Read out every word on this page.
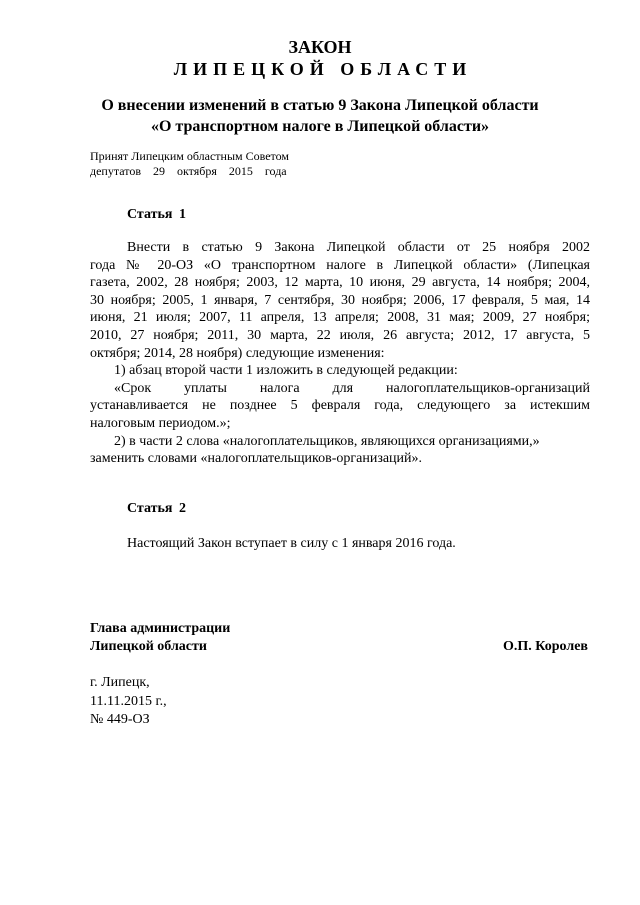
ЗАКОН
ЛИПЕЦКОЙ ОБЛАСТИ
О внесении изменений в статью 9 Закона Липецкой области
«О транспортном налоге в Липецкой области»
Принят Липецким областным Советом
депутатов 29 октября 2015 года
Статья 1
Внести в статью 9 Закона Липецкой области от 25 ноября 2002
года № 20-ОЗ «О транспортном налоге в Липецкой области» (Липецкая
газета, 2002, 28 ноября; 2003, 12 марта, 10 июня, 29 августа, 14 ноября; 2004,
30 ноября; 2005, 1 января, 7 сентября, 30 ноября; 2006, 17 февраля, 5 мая, 14
июня, 21 июля; 2007, 11 апреля, 13 апреля; 2008, 31 мая; 2009, 27 ноября;
2010, 27 ноября; 2011, 30 марта, 22 июля, 26 августа; 2012, 17 августа, 5
октября; 2014, 28 ноября) следующие изменения:
1) абзац второй части 1 изложить в следующей редакции:
«Срок уплаты налога для налогоплательщиков-организаций
устанавливается не позднее 5 февраля года, следующего за истекшим
налоговым периодом.»;
2) в части 2 слова «налогоплательщиков, являющихся организациями,»
заменить словами «налогоплательщиков-организаций».
Статья 2
Настоящий Закон вступает в силу с 1 января 2016 года.
Глава администрации
Липецкой области	О.П. Королев
г. Липецк,
11.11.2015 г.,
№ 449-ОЗ
